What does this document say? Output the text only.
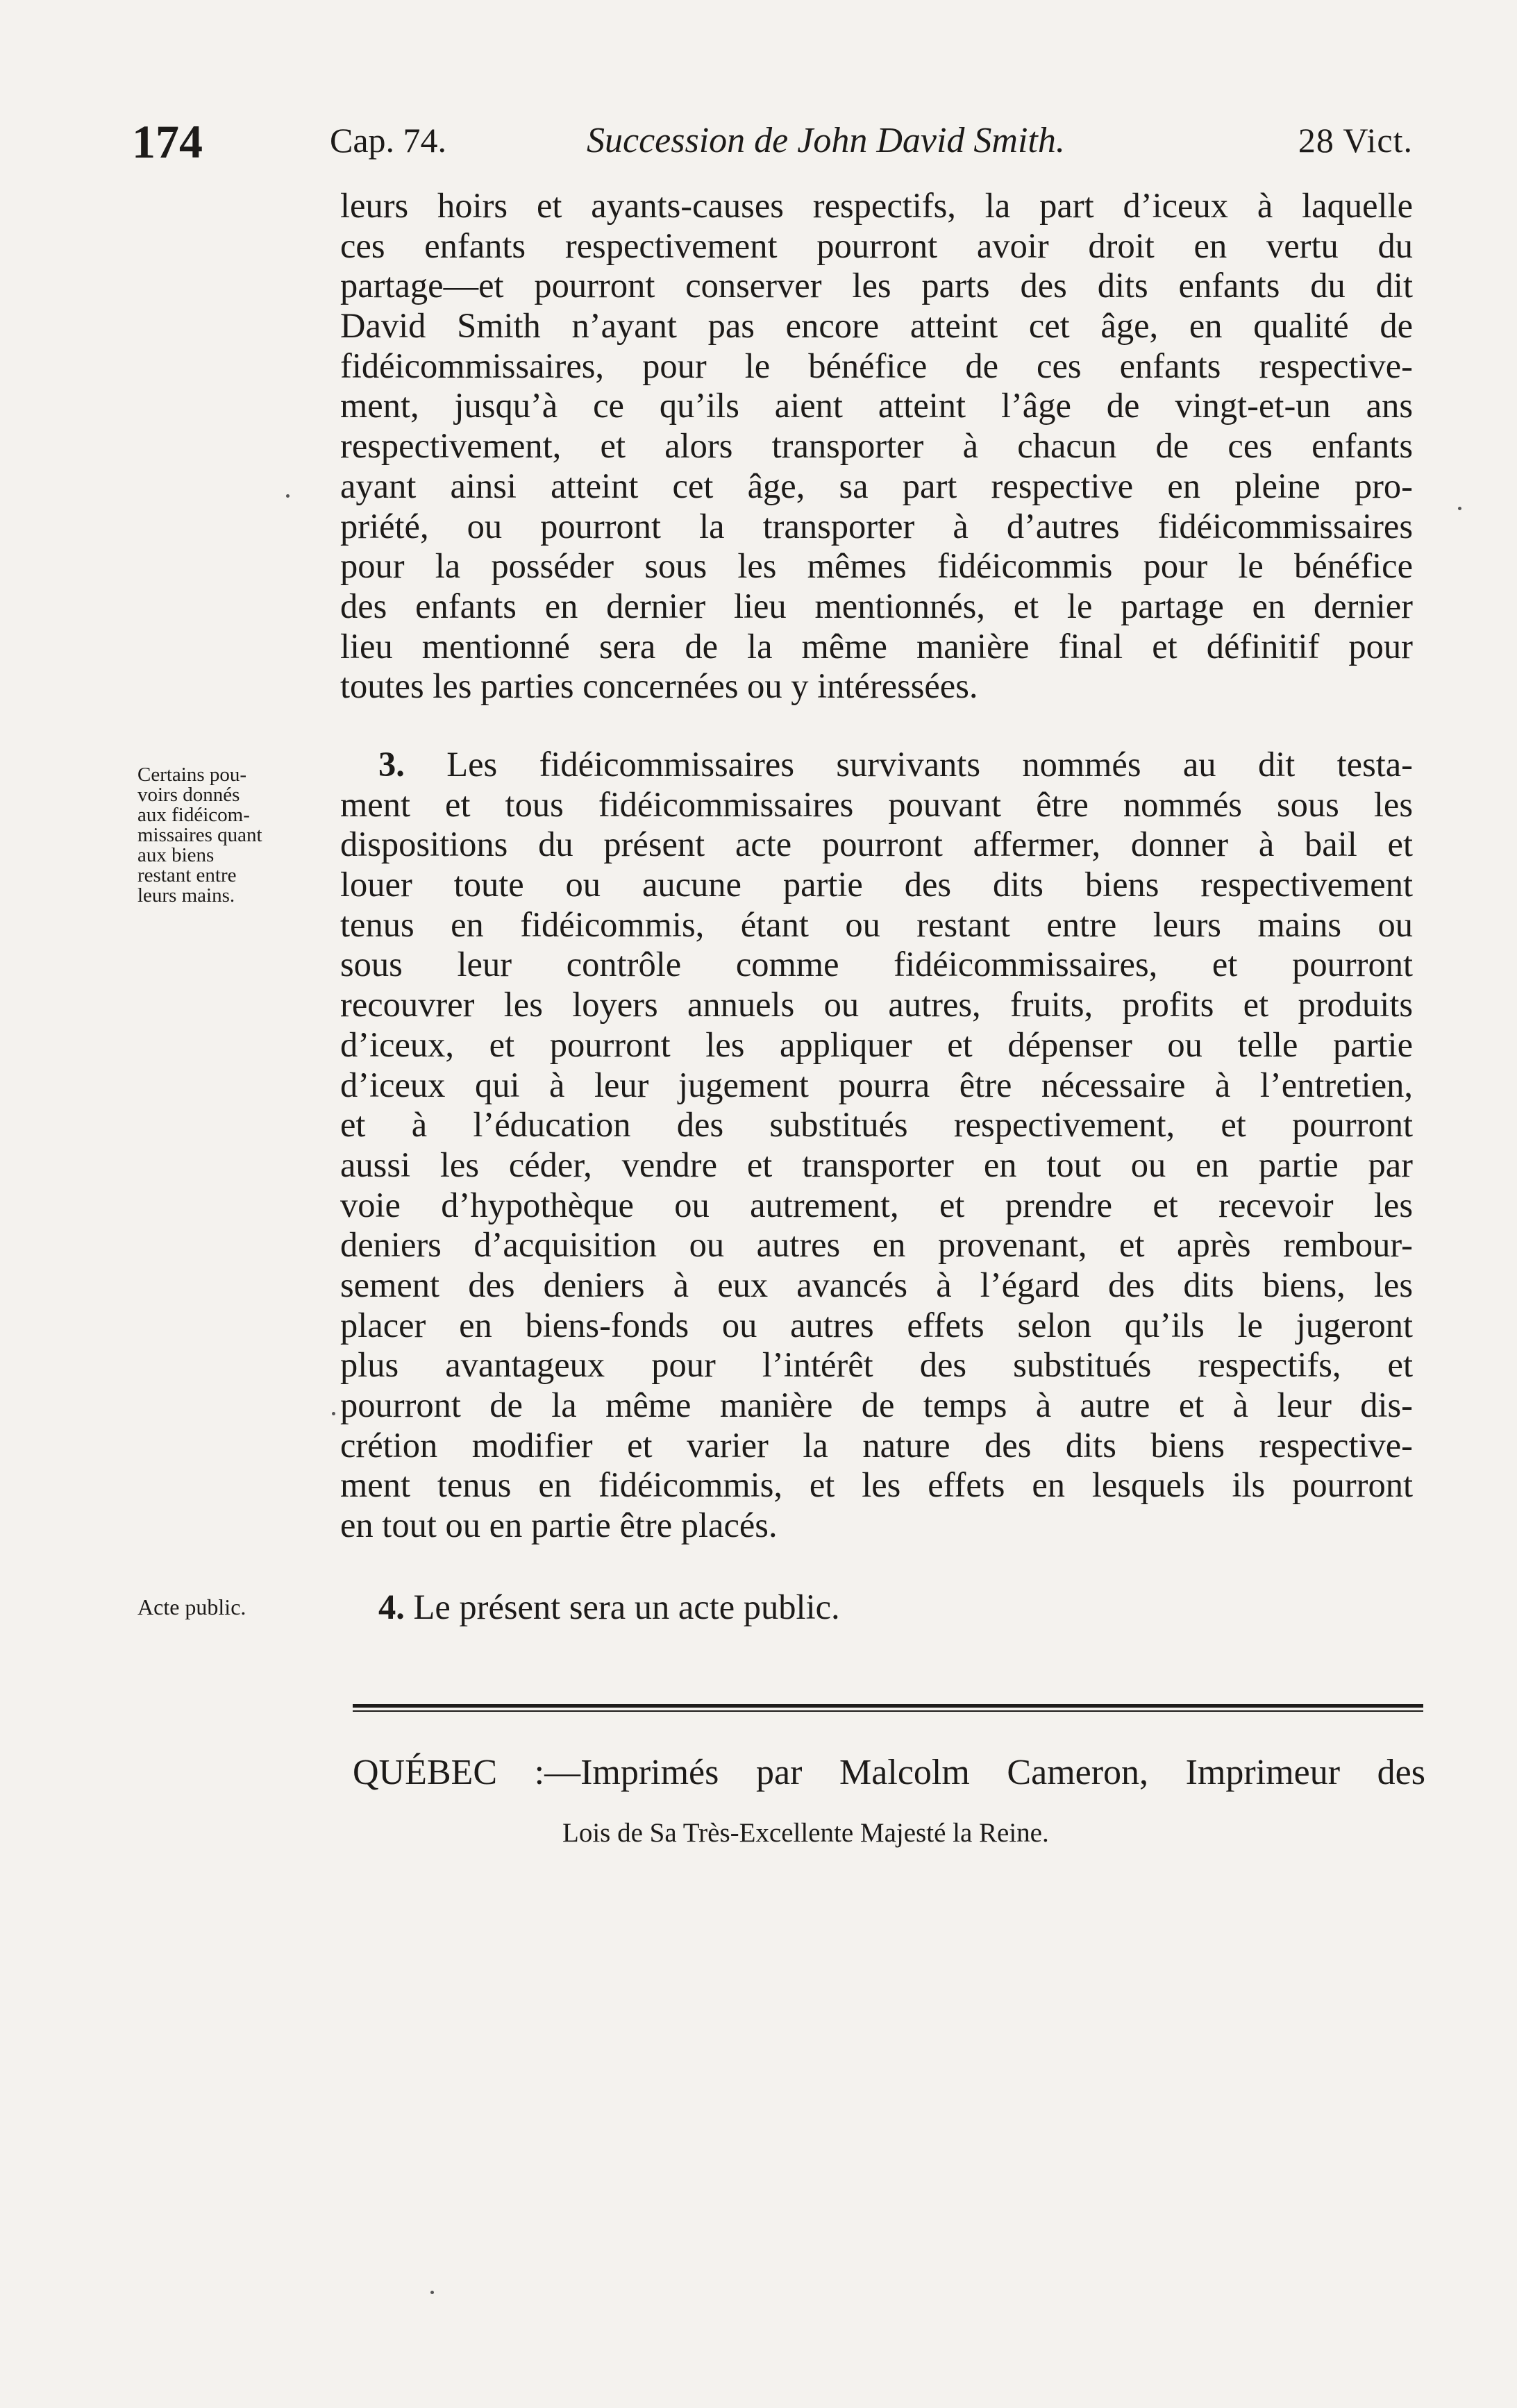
174	Cap. 74.	Succession de John David Smith.	28 Vict.
leurs hoirs et ayants-causes respectifs, la part d’iceux à laquelle
ces enfants respectivement pourront avoir droit en vertu du
partage—et pourront conserver les parts des dits enfants du dit
David Smith n’ayant pas encore atteint cet âge, en qualité de
fidéicommissaires, pour le bénéfice de ces enfants respective-
ment, jusqu’à ce qu’ils aient atteint l’âge de vingt-et-un ans
respectivement, et alors transporter à chacun de ces enfants
ayant ainsi atteint cet âge, sa part respective en pleine pro-
priété, ou pourront la transporter à d’autres fidéicommissaires
pour la posséder sous les mêmes fidéicommis pour le bénéfice
des enfants en dernier lieu mentionnés, et le partage en dernier
lieu mentionné sera de la même manière final et définitif pour
toutes les parties concernées ou y intéressées.
Certains pou-
voirs donnés
aux fidéicom-
missaires quant
aux biens
restant entre
leurs mains.
3. Les fidéicommissaires survivants nommés au dit testa-
ment et tous fidéicommissaires pouvant être nommés sous les
dispositions du présent acte pourront affermer, donner à bail et
louer toute ou aucune partie des dits biens respectivement
tenus en fidéicommis, étant ou restant entre leurs mains ou
sous leur contrôle comme fidéicommissaires, et pourront
recouvrer les loyers annuels ou autres, fruits, profits et produits
d’iceux, et pourront les appliquer et dépenser ou telle partie
d’iceux qui à leur jugement pourra être nécessaire à l’entretien,
et à l’éducation des substitués respectivement, et pourront
aussi les céder, vendre et transporter en tout ou en partie par
voie d’hypothèque ou autrement, et prendre et recevoir les
deniers d’acquisition ou autres en provenant, et après rembour-
sement des deniers à eux avancés à l’égard des dits biens, les
placer en biens-fonds ou autres effets selon qu’ils le jugeront
plus avantageux pour l’intérêt des substitués respectifs, et
pourront de la même manière de temps à autre et à leur dis-
crétion modifier et varier la nature des dits biens respective-
ment tenus en fidéicommis, et les effets en lesquels ils pourront
en tout ou en partie être placés.
Acte public.	4. Le présent sera un acte public.
QUÉBEC :—Imprimés par Malcolm Cameron, Imprimeur des
Lois de Sa Très-Excellente Majesté la Reine.
